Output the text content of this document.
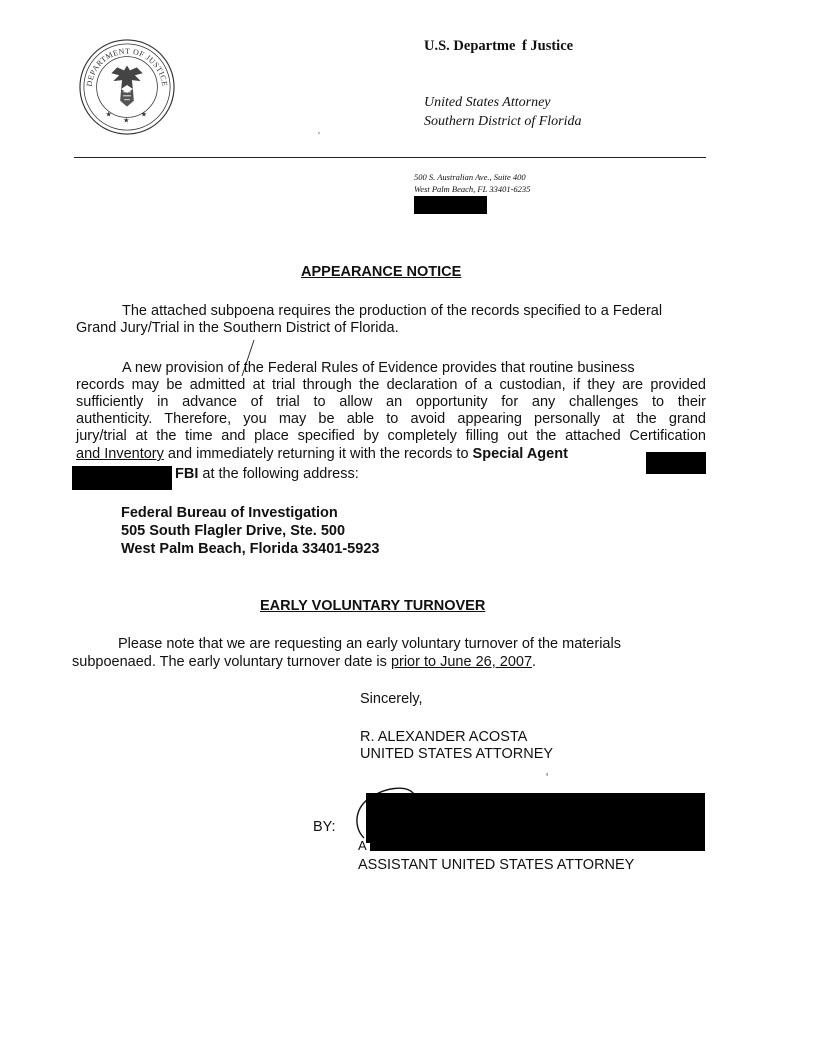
DEPARTMENT OF JUSTICE
★
★
★
U.S. Departme  f Justice
United States Attorney
Southern District of Florida
'
500 S. Australian Ave., Suite 400
West Palm Beach, FL 33401-6235
APPEARANCE NOTICE
The attached subpoena requires the production of the records specified to a Federal
Grand Jury/Trial in the Southern District of Florida.
A new provision of the Federal Rules of Evidence provides that routine business
records may be admitted at trial through the declaration of a custodian, if they are provided
sufficiently in advance of trial to allow an opportunity for any challenges to their
authenticity. Therefore, you may be able to avoid appearing personally at the grand
jury/trial at the time and place specified by completely filling out the attached Certification
and Inventory and immediately returning it with the records to Special Agent
FBI at the following address:
Federal Bureau of Investigation
505 South Flagler Drive, Ste. 500
West Palm Beach, Florida 33401-5923
EARLY VOLUNTARY TURNOVER
Please note that we are requesting an early voluntary turnover of the materials
subpoenaed. The early voluntary turnover date is prior to June 26, 2007.
Sincerely,
R. ALEXANDER ACOSTA
UNITED STATES ATTORNEY
‘
BY:
A
ASSISTANT UNITED STATES ATTORNEY
